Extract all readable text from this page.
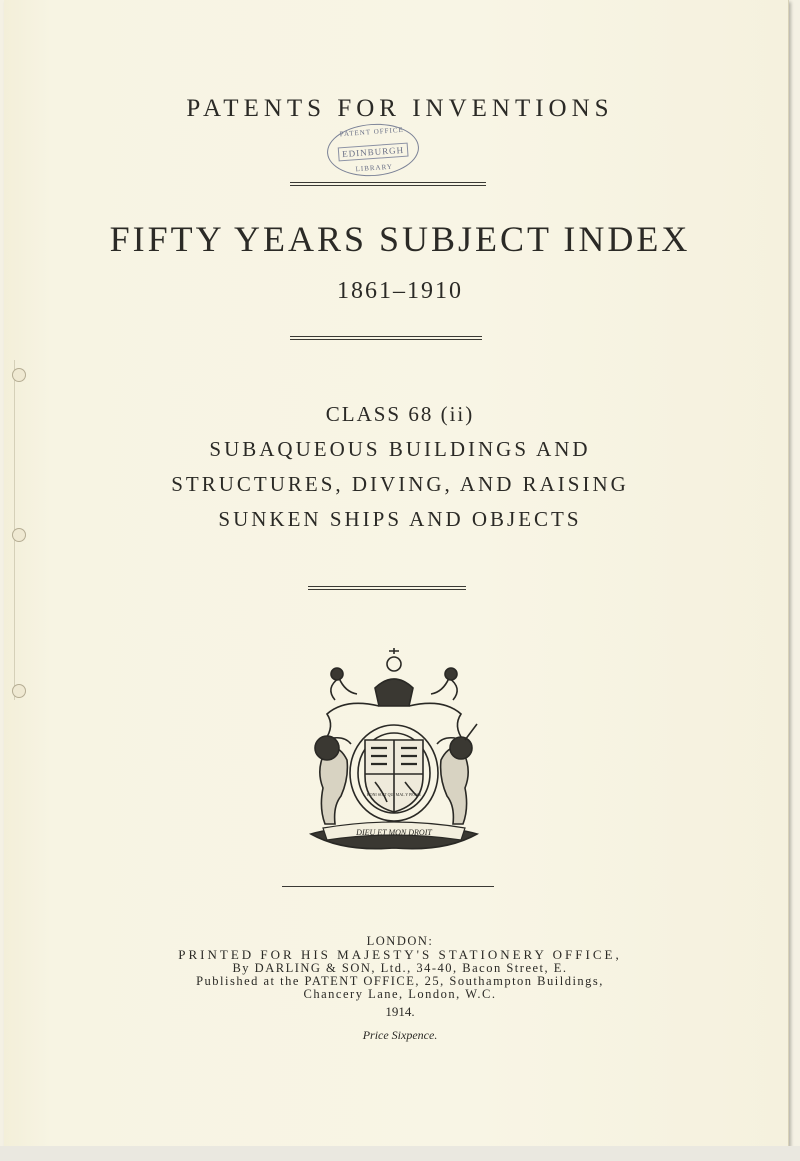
PATENTS FOR INVENTIONS
PATENT OFFICE
EDINBURGH
LIBRARY
FIFTY YEARS SUBJECT INDEX
1861–1910
CLASS 68 (ii)
SUBAQUEOUS BUILDINGS AND
STRUCTURES, DIVING, AND RAISING
SUNKEN SHIPS AND OBJECTS
DIEU ET MON DROIT
HONI SOIT QUI MAL Y PENSE
LONDON:
PRINTED FOR HIS MAJESTY'S STATIONERY OFFICE,
By DARLING & SON, Ltd., 34-40, Bacon Street, E.
Published at the PATENT OFFICE, 25, Southampton Buildings,
Chancery Lane, London, W.C.
1914.
Price Sixpence.
